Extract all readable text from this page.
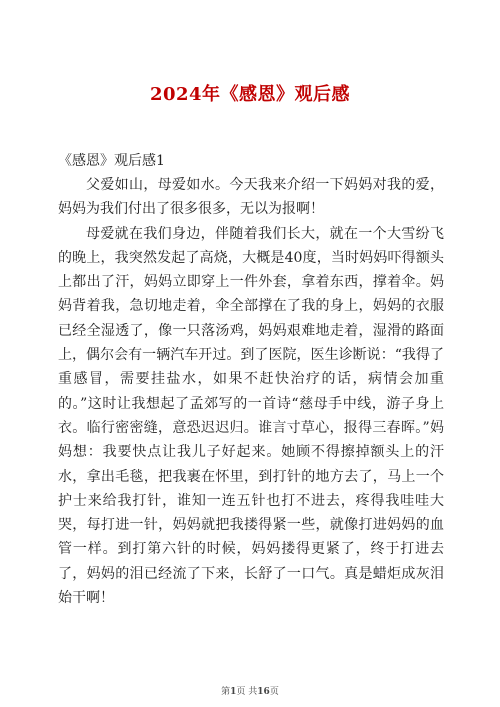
2024年《感恩》观后感
《感恩》观后感1

父爱如山，母爱如水。今天我来介绍一下妈妈对我的爱，妈妈为我们付出了很多很多，无以为报啊！

母爱就在我们身边，伴随着我们长大，就在一个大雪纷飞的晚上，我突然发起了高烧，大概是40度，当时妈妈吓得额头上都出了汗，妈妈立即穿上一件外套，拿着东西，撑着伞。妈妈背着我，急切地走着，伞全部撑在了我的身上，妈妈的衣服已经全湿透了，像一只落汤鸡，妈妈艰难地走着，湿滑的路面上，偶尔会有一辆汽车开过。到了医院，医生诊断说：“我得了重感冒，需要挂盐水，如果不赶快治疗的话，病情会加重的。”这时让我想起了孟郊写的一首诗“慈母手中线，游子身上衣。临行密密缝，意恐迟迟归。谁言寸草心，报得三春晖。”妈妈想：我要快点让我儿子好起来。她顾不得擦掉额头上的汗水，拿出毛毯，把我裹在怀里，到打针的地方去了，马上一个护士来给我打针，谁知一连五针也打不进去，疼得我哇哇大哭，每打进一针，妈妈就把我搂得紧一些，就像打进妈妈的血管一样。到打第六针的时候，妈妈搂得更紧了，终于打进去了，妈妈的泪已经流了下来，长舒了一口气。真是蜡炬成灰泪始干啊！

第1页 共16页
